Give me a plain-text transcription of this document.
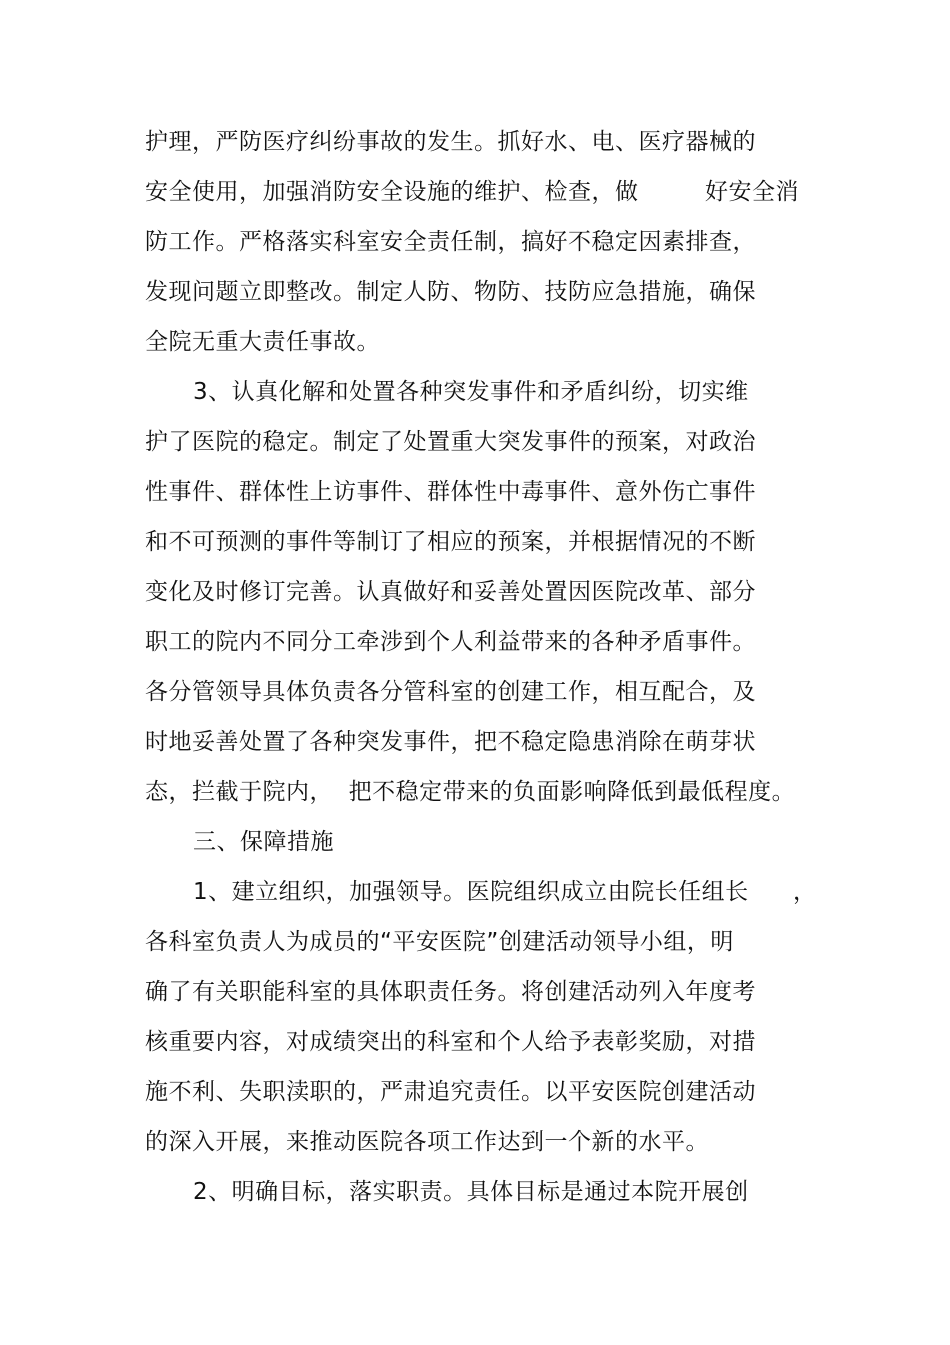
护理，严防医疗纠纷事故的发生。抓好水、电、医疗器械的
安全使用，加强消防安全设施的维护、检查，做	好安全消
防工作。严格落实科室安全责任制，搞好不稳定因素排查，
发现问题立即整改。制定人防、物防、技防应急措施，确保
全院无重大责任事故。
3、认真化解和处置各种突发事件和矛盾纠纷，切实维
护了医院的稳定。制定了处置重大突发事件的预案，对政治
性事件、群体性上访事件、群体性中毒事件、意外伤亡事件
和不可预测的事件等制订了相应的预案，并根据情况的不断
变化及时修订完善。认真做好和妥善处置因医院改革、部分
职工的院内不同分工牵涉到个人利益带来的各种矛盾事件。
各分管领导具体负责各分管科室的创建工作，相互配合，及
时地妥善处置了各种突发事件，把不稳定隐患消除在萌芽状
态，拦截于院内，  把不稳定带来的负面影响降低到最低程度。
三、保障措施
1、建立组织，加强领导。医院组织成立由院长任组长 ，
各科室负责人为成员的“平安医院”创建活动领导小组，明
确了有关职能科室的具体职责任务。将创建活动列入年度考
核重要内容，对成绩突出的科室和个人给予表彰奖励，对措
施不利、失职渎职的，严肃追究责任。以平安医院创建活动
的深入开展，来推动医院各项工作达到一个新的水平。
2、明确目标，落实职责。具体目标是通过本院开展创
